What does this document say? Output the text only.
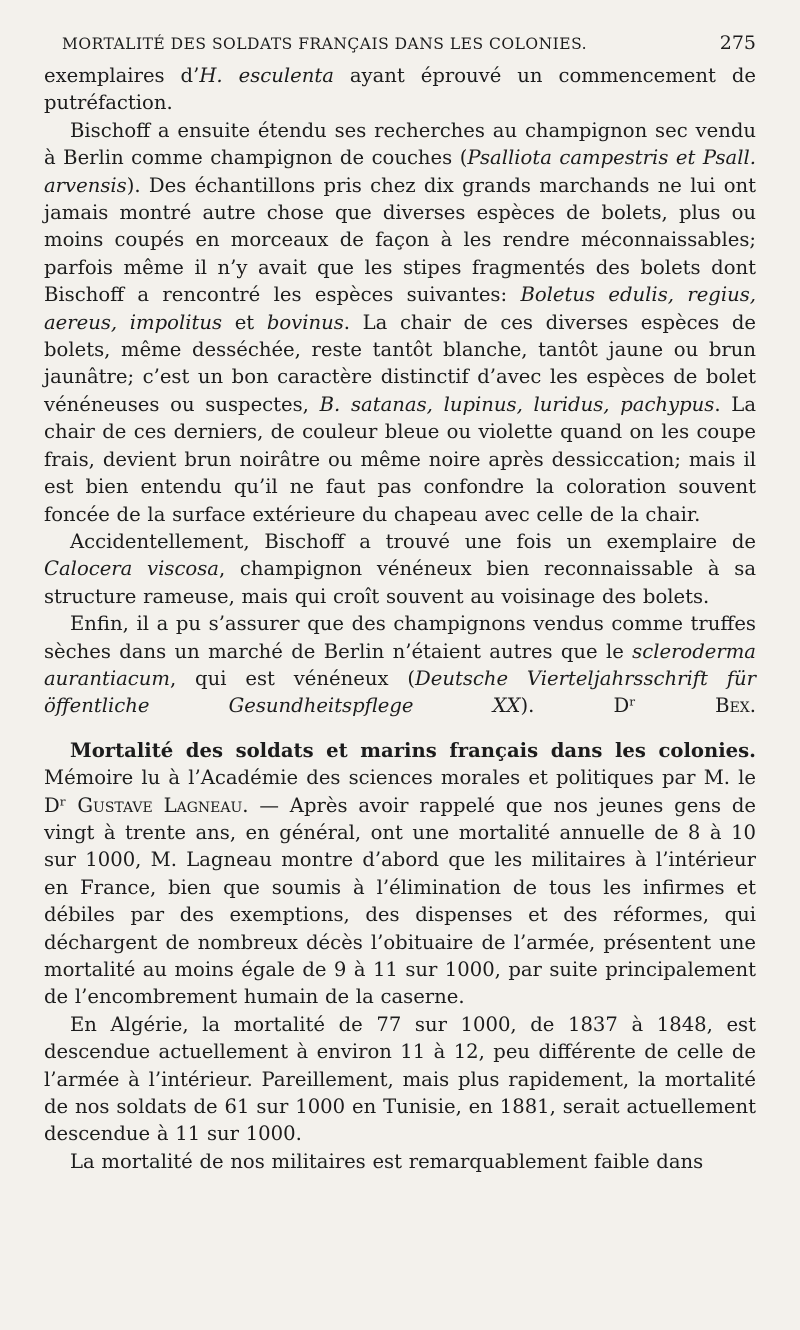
MORTALITÉ DES SOLDATS FRANÇAIS DANS LES COLONIES.	275

exemplaires d’H. esculenta ayant éprouvé un commencement de putréfaction.

Bischoff a ensuite étendu ses recherches au champignon sec vendu à Berlin comme champignon de couches (Psalliota campestris et Psall. arvensis). Des échantillons pris chez dix grands marchands ne lui ont jamais montré autre chose que diverses espèces de bolets, plus ou moins coupés en morceaux de façon à les rendre méconnaissables; parfois même il n’y avait que les stipes fragmentés des bolets dont Bischoff a rencontré les espèces suivantes: Boletus edulis, regius, aereus, impolitus et bovinus. La chair de ces diverses espèces de bolets, même desséchée, reste tantôt blanche, tantôt jaune ou brun jaunâtre; c’est un bon caractère distinctif d’avec les espèces de bolet vénéneuses ou suspectes, B. satanas, lupinus, luridus, pachypus. La chair de ces derniers, de couleur bleue ou violette quand on les coupe frais, devient brun noirâtre ou même noire après dessiccation; mais il est bien entendu qu’il ne faut pas confondre la coloration souvent foncée de la surface extérieure du chapeau avec celle de la chair.

Accidentellement, Bischoff a trouvé une fois un exemplaire de Calocera viscosa, champignon vénéneux bien reconnaissable à sa structure rameuse, mais qui croît souvent au voisinage des bolets.

Enfin, il a pu s’assurer que des champignons vendus comme truffes sèches dans un marché de Berlin n’étaient autres que le scleroderma aurantiacum, qui est vénéneux (Deutsche Vierteljahrsschrift für öffentliche Gesundheitspflege XX).	Dʳ Bex.

Mortalité des soldats et marins français dans les colonies. Mémoire lu à l’Académie des sciences morales et politiques par M. le Dʳ Gustave Lagneau. — Après avoir rappelé que nos jeunes gens de vingt à trente ans, en général, ont une mortalité annuelle de 8 à 10 sur 1000, M. Lagneau montre d’abord que les militaires à l’intérieur en France, bien que soumis à l’élimination de tous les infirmes et débiles par des exemptions, des dispenses et des réformes, qui déchargent de nombreux décès l’obituaire de l’armée, présentent une mortalité au moins égale de 9 à 11 sur 1000, par suite principalement de l’encombrement humain de la caserne.

En Algérie, la mortalité de 77 sur 1000, de 1837 à 1848, est descendue actuellement à environ 11 à 12, peu différente de celle de l’armée à l’intérieur. Pareillement, mais plus rapidement, la mortalité de nos soldats de 61 sur 1000 en Tunisie, en 1881, serait actuellement descendue à 11 sur 1000.

La mortalité de nos militaires est remarquablement faible dans
